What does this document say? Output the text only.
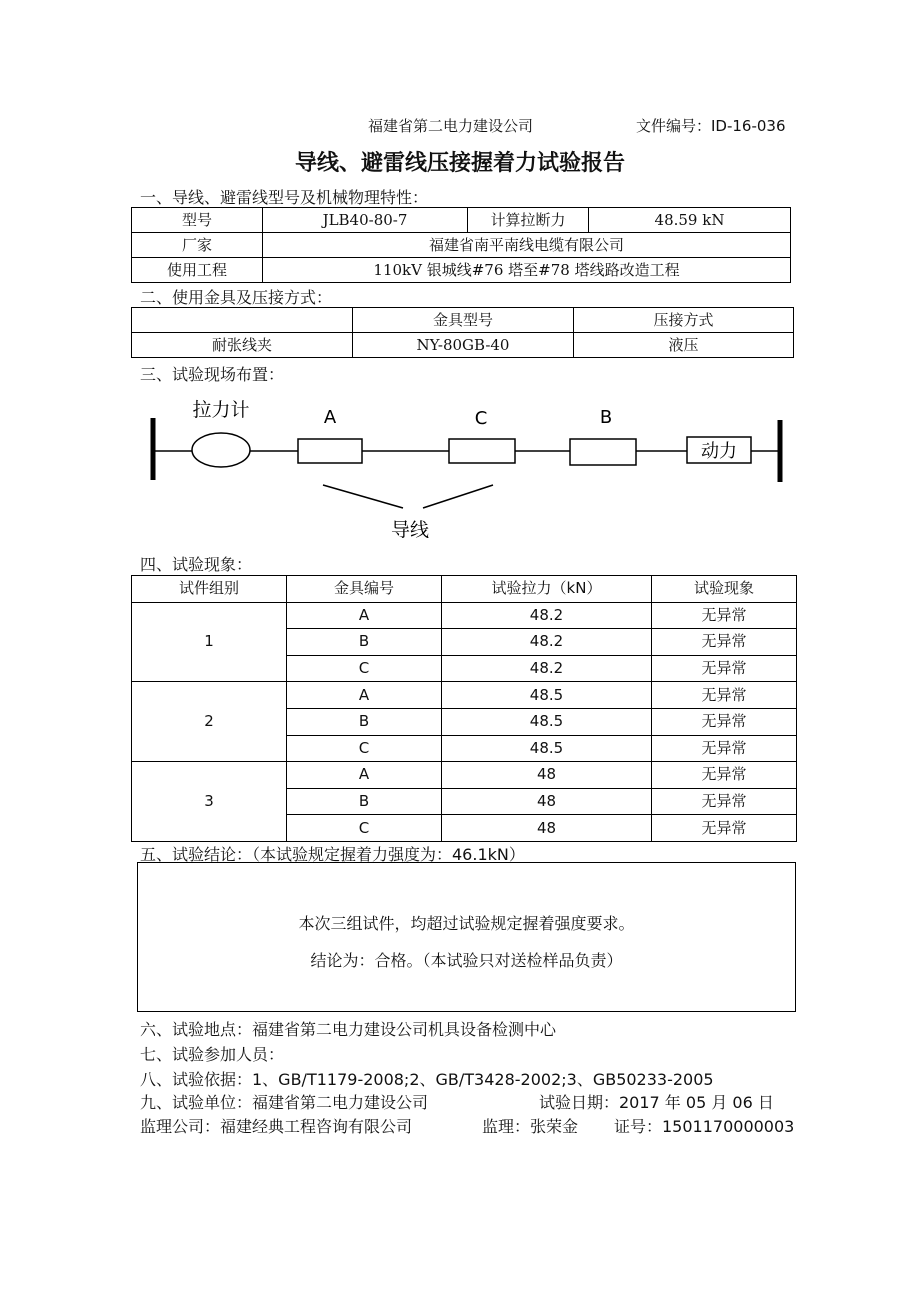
福建省第二电力建设公司	文件编号：ID-16-036
导线、避雷线压接握着力试验报告
一、导线、避雷线型号及机械物理特性：
型号	JLB40-80-7	计算拉断力	48.59 kN
厂家	福建省南平南线电缆有限公司		
使用工程	110kV 银城线#76 塔至#78 塔线路改造工程		
二、使用金具及压接方式：
	金具型号	压接方式
耐张线夹	NY-80GB-40	液压
三、试验现场布置：
拉力计	A	C	B
动力
导线
四、试验现象：
试件组别	金具编号	试验拉力（kN）	试验现象
1	A	48.2	无异常
	B	48.2	无异常
	C	48.2	无异常
2	A	48.5	无异常
	B	48.5	无异常
	C	48.5	无异常
3	A	48	无异常
	B	48	无异常
	C	48	无异常
五、试验结论：（本试验规定握着力强度为：46.1kN）
本次三组试件，均超过试验规定握着强度要求。
结论为：合格。（本试验只对送检样品负责）
六、试验地点：福建省第二电力建设公司机具设备检测中心
七、试验参加人员：
八、试验依据：1、GB/T1179-2008;2、GB/T3428-2002;3、GB50233-2005
九、试验单位：福建省第二电力建设公司	试验日期：2017 年 05 月 06 日
监理公司：福建经典工程咨询有限公司	监理：张荣金 证号：1501170000003
